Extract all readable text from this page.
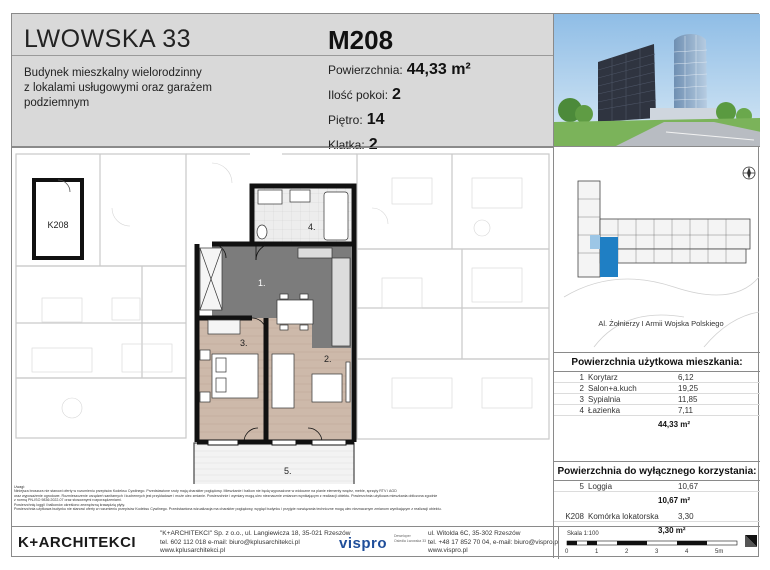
LWOWSKA 33	M208
Budynek mieszkalny wielorodzinny
z lokalami usługowymi oraz garażem
podziemnym
Powierzchnia: 44,33 m²
Ilość pokoi: 2
Piętro: 14
Klatka: 2
Al. Żołnierzy I Armii Wojska Polskiego
Powierzchnia użytkowa mieszkania:
1 Korytarz	6,12
2 Salon+a.kuch	19,25
3 Sypialnia	11,85
4 Łazienka	7,11
44,33 m²
Powierzchnia do wyłącznego korzystania:
5 Loggia	10,67
10,67 m²
K208 Komórka lokatorska	3,30
3,30 m²
K208
1.
4.
3.
2.
5.
Uwagi:
Niniejsza broszura nie stanowi oferty w rozumieniu przepisów Kodeksu Cywilnego. Przedstawione rzuty mają charakter poglądowy. Mieszkanie i balkon nie będą wyposażone w widoczne na planie elementy wnętrz, meble, sprzęty RTV i AGD
oraz wyposażenie ogrodowe. Rozmieszczenie urządzeń sanitarnych i kuchennych jest przykładowe i może ulec zmianie. Powierzchnie i wymiary mogą ulec nieznacznie zmianom wynikającym z realizacji obiektu. Powierzchnia użytkowa mieszkania obliczona zgodnie
z normą PN-ISO 9836:2022-07 oraz stosownymi rozporządzeniami.
Powierzchnię loggii i balkonów określono zewnętrzną krawędzią płyty.
Powierzchnia użytkowa budynku nie stanowi oferty w rozumieniu przepisów Kodeksu Cywilnego. Przedstawiona wizualizacja ma charakter poglądowy, wygląd budynku i przyjęte rozwiązania techniczne mogą ulec nieznacznym zmianom wynikającym z realizacji obiektu.
K+ARCHITEKCI
"K+ARCHITEKCI" Sp. z o.o., ul. Langiewicza 18, 35-021 Rzeszów
tel. 602 112 018 e-mail: biuro@kplusarchitekci.pl
www.kplusarchitekci.pl	vispro Deweloper
Osiedla Lwowska 33
ul. Witolda 6C, 35-302 Rzeszów
tel. +48 17 852 70 04, e-mail: biuro@vispro.pl
www.vispro.pl
Skala 1:100
0	1	2	3	4	5m
